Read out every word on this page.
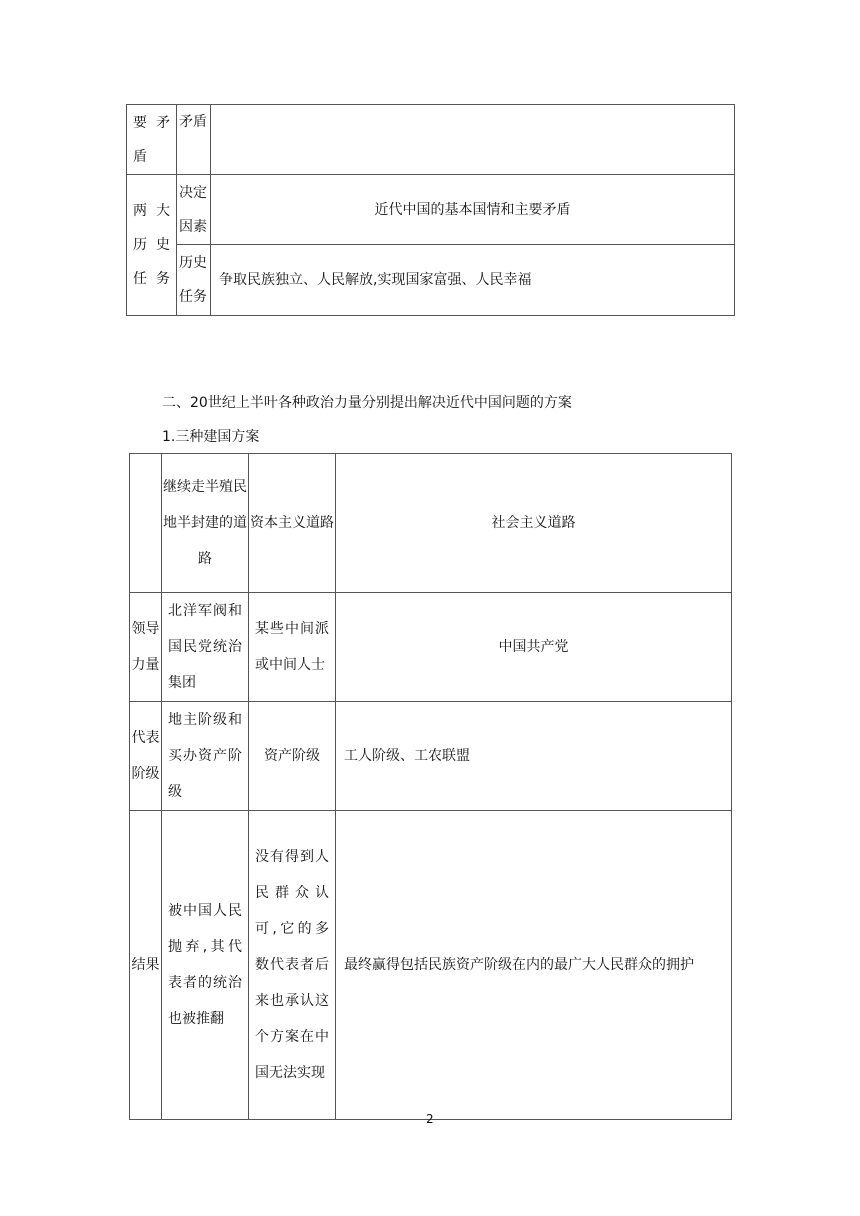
要矛盾	矛盾	
两大历史任务	决定因素	近代中国的基本国情和主要矛盾
	历史任务	争取民族独立、人民解放,实现国家富强、人民幸福
二、20世纪上半叶各种政治力量分别提出解决近代中国问题的方案
1.三种建国方案
	继续走半殖民地半封建的道路	资本主义道路	社会主义道路
领导力量	北洋军阀和国民党统治集团	某些中间派或中间人士	中国共产党
代表阶级	地主阶级和买办资产阶级	资产阶级	工人阶级、工农联盟
结果	被中国人民抛弃,其代表者的统治也被推翻	没有得到人民群众认可,它的多数代表者后来也承认这个方案在中国无法实现	最终赢得包括民族资产阶级在内的最广大人民群众的拥护
2
